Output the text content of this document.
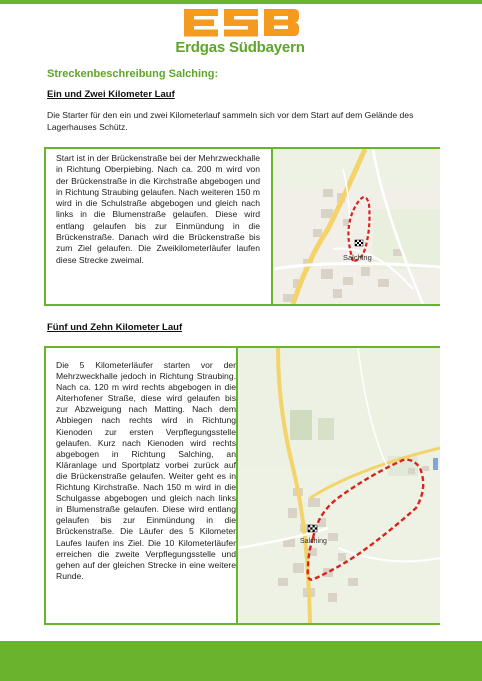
Erdgas Südbayern
Streckenbeschreibung Salching:
Ein und Zwei Kilometer Lauf
Die Starter für den ein und zwei Kilometerlauf sammeln sich vor dem Start auf dem Gelände des Lagerhauses Schütz.
Start ist in der Brückenstraße bei der Mehrzweckhalle in Richtung Oberpiebing. Nach ca. 200 m wird von der Brückenstraße in die Kirchstraße abgebogen und in Richtung Straubing gelaufen. Nach weiteren 150 m wird in die Schulstraße abgebogen und gleich nach links in die Blumenstraße gelaufen. Diese wird entlang gelaufen bis zur Einmündung in die Brückenstraße. Danach wird die Brückenstraße bis zum Ziel gelaufen. Die Zweikilometerläufer laufen diese Strecke zweimal.	Salching
Fünf und Zehn Kilometer Lauf
Die 5 Kilometerläufer starten vor der Mehrzweckhalle jedoch in Richtung Straubing. Nach ca. 120 m wird rechts abgebogen in die Aiterhofener Straße, diese wird gelaufen bis zur Abzweigung nach Matting. Nach dem Abbiegen nach rechts wird in Richtung Kienoden zur ersten Verpflegungsstelle gelaufen. Kurz nach Kienoden wird rechts abgebogen in Richtung Salching, an Kläranlage und Sportplatz vorbei zurück auf die Brückenstraße gelaufen. Weiter geht es in Richtung Kirchstraße. Nach 150 m wird in die Schulgasse abgebogen und gleich nach links in Blumenstraße gelaufen. Diese wird entlang gelaufen bis zur Einmündung in die Brückenstraße. Die Läufer des 5 Kilometer Laufes laufen ins Ziel. Die 10 Kilometerläufer erreichen die zweite Verpflegungsstelle und gehen auf der gleichen Strecke in eine weitere Runde.
Salching
